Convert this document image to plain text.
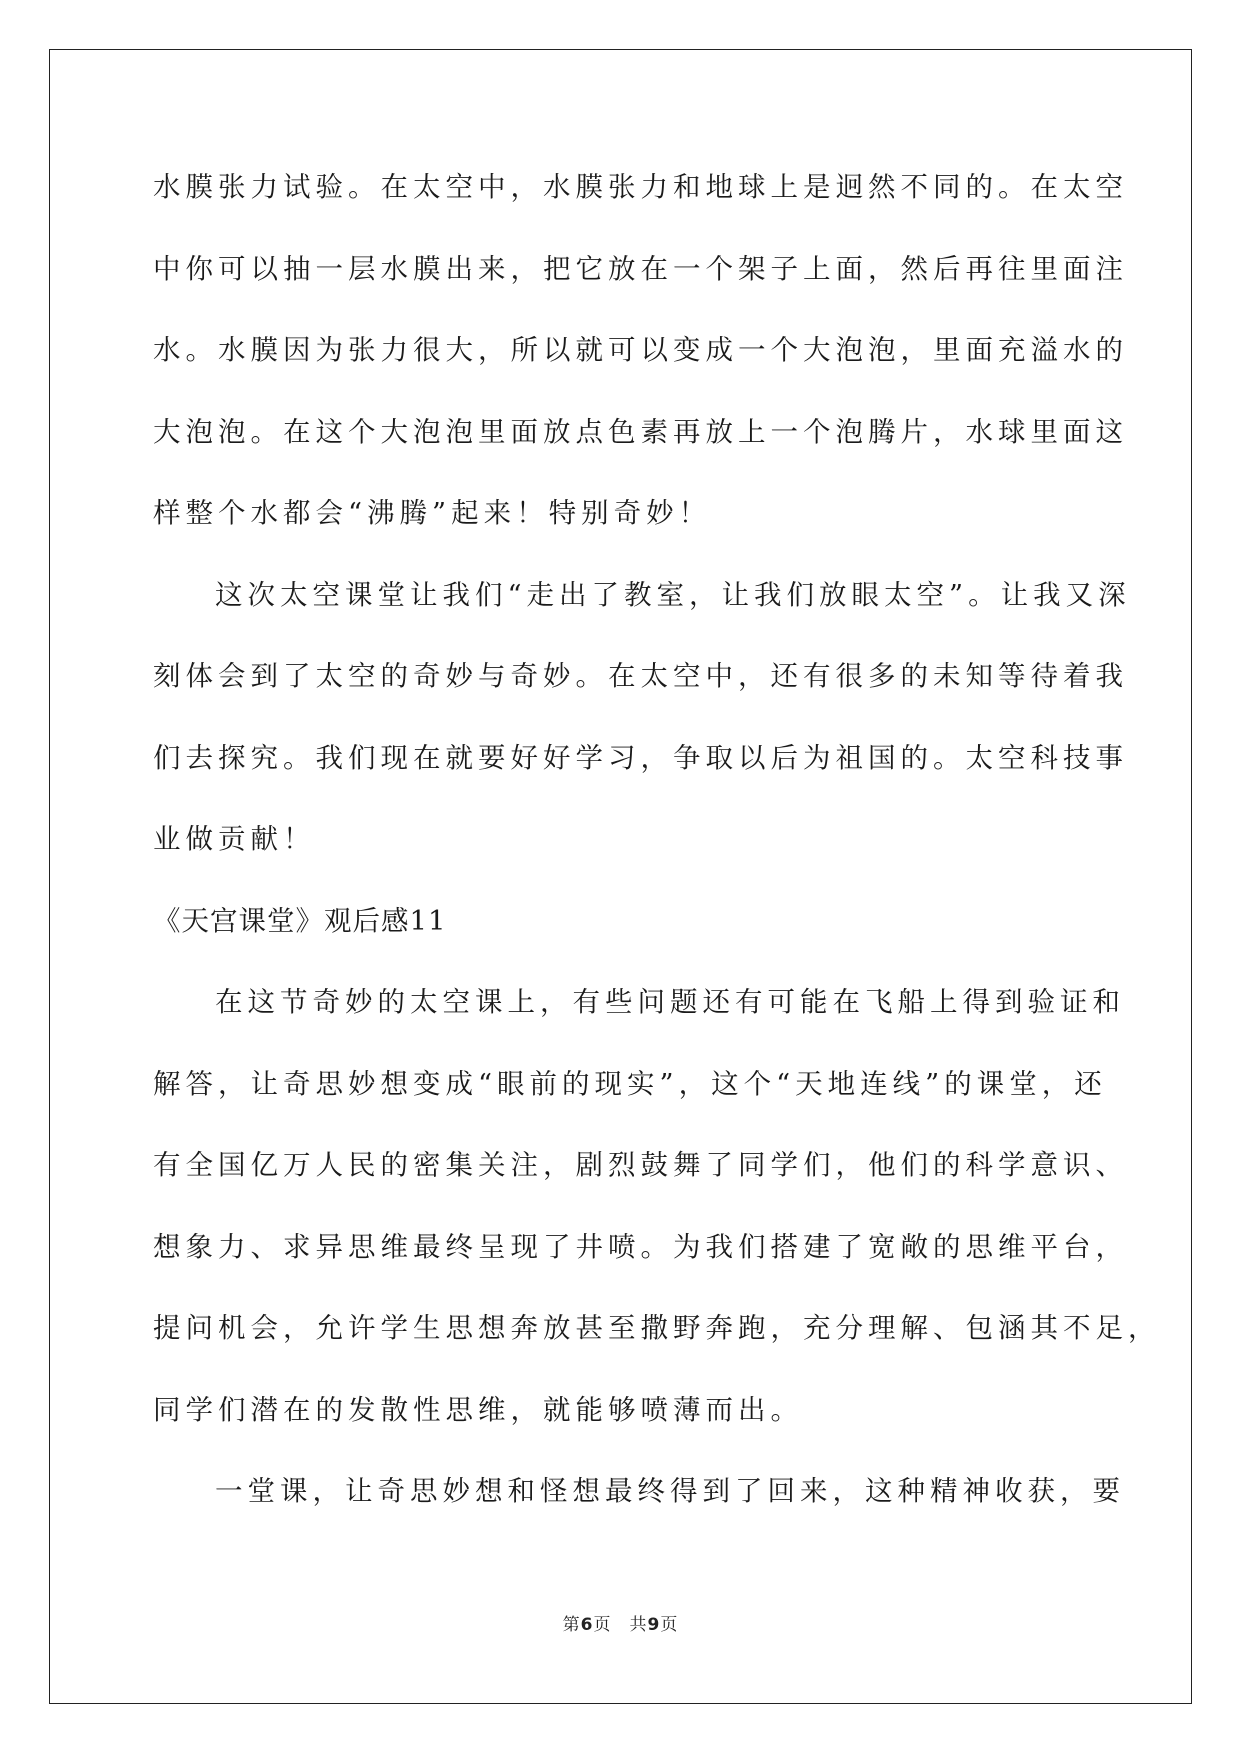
水膜张力试验。在太空中，水膜张力和地球上是迥然不同的。在太空
中你可以抽一层水膜出来，把它放在一个架子上面，然后再往里面注
水。水膜因为张力很大，所以就可以变成一个大泡泡，里面充溢水的
大泡泡。在这个大泡泡里面放点色素再放上一个泡腾片，水球里面这
样整个水都会“沸腾”起来！特别奇妙！
这次太空课堂让我们“走出了教室，让我们放眼太空”。让我又深
刻体会到了太空的奇妙与奇妙。在太空中，还有很多的未知等待着我
们去探究。我们现在就要好好学习，争取以后为祖国的。太空科技事
业做贡献！
《天宫课堂》观后感11
在这节奇妙的太空课上，有些问题还有可能在飞船上得到验证和
解答，让奇思妙想变成“眼前的现实”，这个“天地连线”的课堂，还
有全国亿万人民的密集关注，剧烈鼓舞了同学们，他们的科学意识、
想象力、求异思维最终呈现了井喷。为我们搭建了宽敞的思维平台，
提问机会，允许学生思想奔放甚至撒野奔跑，充分理解、包涵其不足，
同学们潜在的发散性思维，就能够喷薄而出。
一堂课，让奇思妙想和怪想最终得到了回来，这种精神收获，要
第6页 共9页
